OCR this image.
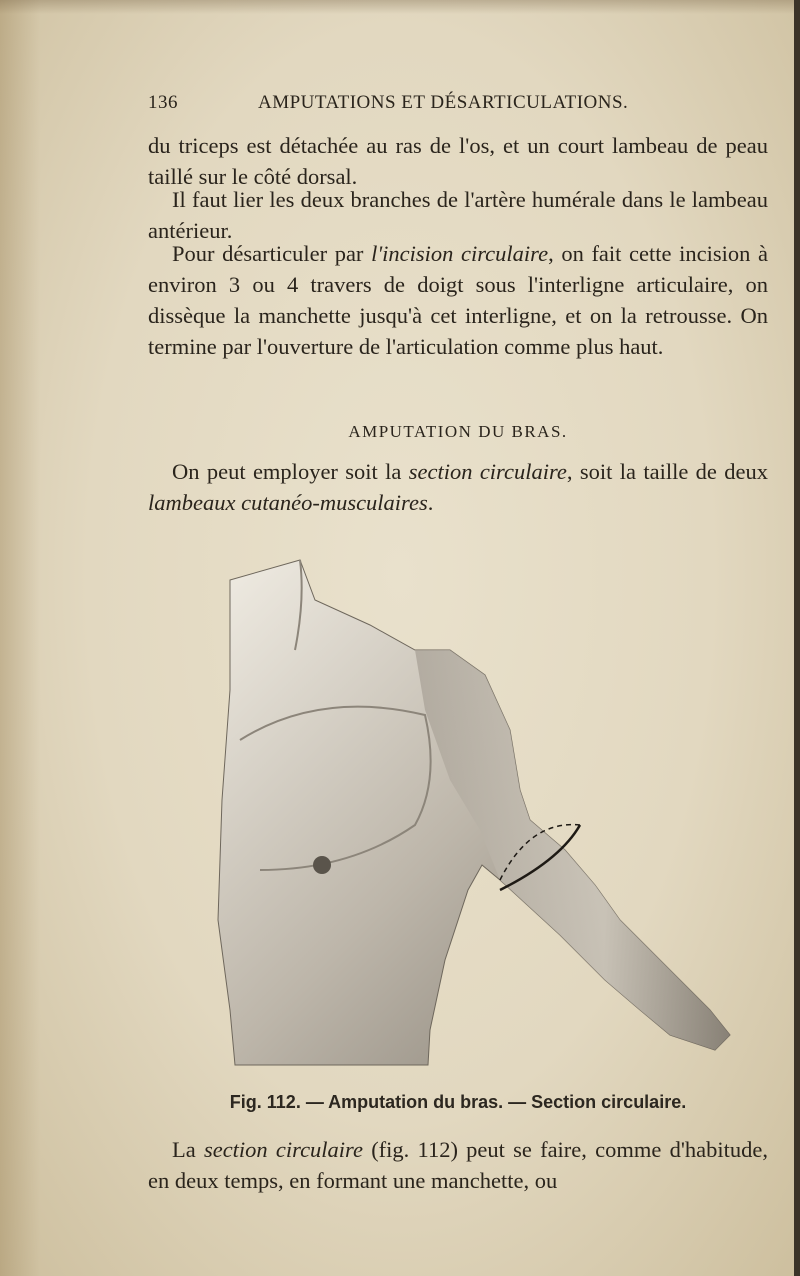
136	AMPUTATIONS ET DÉSARTICULATIONS.

du triceps est détachée au ras de l'os, et un court lambeau de peau taillé sur le côté dorsal.

Il faut lier les deux branches de l'artère humérale dans le lambeau antérieur.

Pour désarticuler par l'incision circulaire, on fait cette incision à environ 3 ou 4 travers de doigt sous l'interligne articulaire, on dissèque la manchette jusqu'à cet interligne, et on la retrousse. On termine par l'ouverture de l'articulation comme plus haut.

AMPUTATION DU BRAS.

On peut employer soit la section circulaire, soit la taille de deux lambeaux cutanéo-musculaires.

Fig. 112. — Amputation du bras. — Section circulaire.

La section circulaire (fig. 112) peut se faire, comme d'habitude, en deux temps, en formant une manchette, ou
